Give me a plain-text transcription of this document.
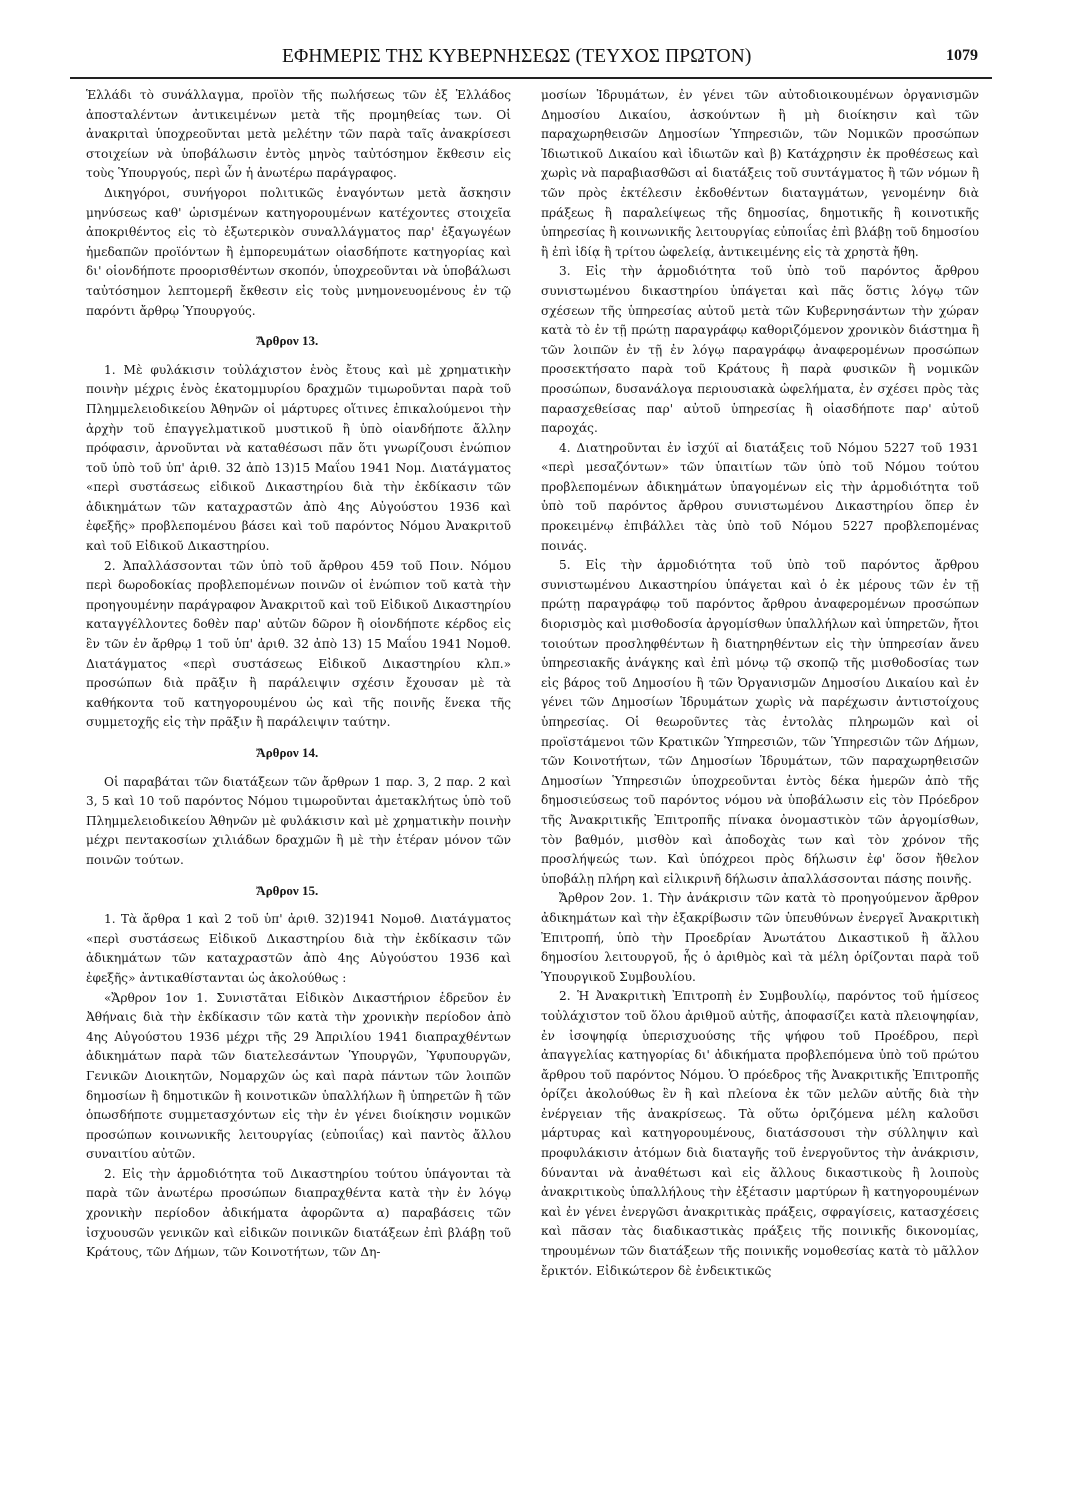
ΕΦΗΜΕΡΙΣ ΤΗΣ ΚΥΒΕΡΝΗΣΕΩΣ (ΤΕΥΧΟΣ ΠΡΩΤΟΝ)	1079

Ἑλλάδι τὸ συνάλλαγμα, προϊὸν τῆς πωλήσεως τῶν ἐξ Ἑλλάδος ἀποσταλέντων ἀντικειμένων μετὰ τῆς προμηθείας των. Οἱ ἀνακριταὶ ὑποχρεοῦνται μετὰ μελέτην τῶν παρὰ ταῖς ἀνακρίσεσι στοιχείων νὰ ὑποβάλωσιν ἐντὸς μηνὸς ταὐτόσημον ἔκθεσιν εἰς τοὺς Ὑπουργούς, περὶ ὧν ἡ ἀνωτέρω παράγραφος.

Δικηγόροι, συνήγοροι πολιτικῶς ἐναγόντων μετὰ ἄσκησιν μηνύσεως καθ' ὡρισμένων κατηγορουμένων κατέχοντες στοιχεῖα ἀποκριθέντος εἰς τὸ ἐξωτερικὸν συναλλάγματος παρ' ἐξαγωγέων ἡμεδαπῶν προϊόντων ἢ ἐμπορευμάτων οἱασδήποτε κατηγορίας καὶ δι' οἱονδήποτε προορισθέντων σκοπόν, ὑποχρεοῦνται νὰ ὑποβάλωσι ταὐτόσημον λεπτομερῆ ἔκθεσιν εἰς τοὺς μνημονευομένους ἐν τῷ παρόντι ἄρθρῳ Ὑπουργούς.

Ἄρθρον 13.

1. Μὲ φυλάκισιν τοὐλάχιστον ἑνὸς ἔτους καὶ μὲ χρηματικὴν ποινὴν μέχρις ἑνὸς ἑκατομμυρίου δραχμῶν τιμωροῦνται παρὰ τοῦ Πλημμελειοδικείου Ἀθηνῶν οἱ μάρτυρες οἵτινες ἐπικαλούμενοι τὴν ἀρχὴν τοῦ ἐπαγγελματικοῦ μυστικοῦ ἢ ὑπὸ οἱανδήποτε ἄλλην πρόφασιν, ἀρνοῦνται νὰ καταθέσωσι πᾶν ὅτι γνωρίζουσι ἐνώπιον τοῦ ὑπὸ τοῦ ὑπ' ἀριθ. 32 ἀπὸ 13)15 Μαΐου 1941 Νομ. Διατάγματος «περὶ συστάσεως εἰδικοῦ Δικαστηρίου διὰ τὴν ἐκδίκασιν τῶν ἀδικημάτων τῶν καταχραστῶν ἀπὸ 4ης Αὐγούστου 1936 καὶ ἐφεξῆς» προβλεπομένου βάσει καὶ τοῦ παρόντος Νόμου Ἀνακριτοῦ καὶ τοῦ Εἰδικοῦ Δικαστηρίου.

2. Ἀπαλλάσσονται τῶν ὑπὸ τοῦ ἄρθρου 459 τοῦ Ποιν. Νόμου περὶ δωροδοκίας προβλεπομένων ποινῶν οἱ ἐνώπιον τοῦ κατὰ τὴν προηγουμένην παράγραφον Ἀνακριτοῦ καὶ τοῦ Εἰδικοῦ Δικαστηρίου καταγγέλλοντες δοθὲν παρ' αὐτῶν δῶρον ἢ οἱονδήποτε κέρδος εἰς ἓν τῶν ἐν ἄρθρῳ 1 τοῦ ὑπ' ἀριθ. 32 ἀπὸ 13) 15 Μαΐου 1941 Νομοθ. Διατάγματος «περὶ συστάσεως Εἰδικοῦ Δικαστηρίου κλπ.» προσώπων διὰ πρᾶξιν ἢ παράλειψιν σχέσιν ἔχουσαν μὲ τὰ καθήκοντα τοῦ κατηγορουμένου ὡς καὶ τῆς ποινῆς ἕνεκα τῆς συμμετοχῆς εἰς τὴν πρᾶξιν ἢ παράλειψιν ταύτην.

Ἄρθρον 14.

Οἱ παραβάται τῶν διατάξεων τῶν ἄρθρων 1 παρ. 3, 2 παρ. 2 καὶ 3, 5 καὶ 10 τοῦ παρόντος Νόμου τιμωροῦνται ἀμετακλήτως ὑπὸ τοῦ Πλημμελειοδικείου Ἀθηνῶν μὲ φυλάκισιν καὶ μὲ χρηματικὴν ποινὴν μέχρι πεντακοσίων χιλιάδων δραχμῶν ἢ μὲ τὴν ἑτέραν μόνον τῶν ποινῶν τούτων.

Ἄρθρον 15.

1. Τὰ ἄρθρα 1 καὶ 2 τοῦ ὑπ' ἀριθ. 32)1941 Νομοθ. Διατάγματος «περὶ συστάσεως Εἰδικοῦ Δικαστηρίου διὰ τὴν ἐκδίκασιν τῶν ἀδικημάτων τῶν καταχραστῶν ἀπὸ 4ης Αὐγούστου 1936 καὶ ἐφεξῆς» ἀντικαθίστανται ὡς ἀκολούθως :

«Ἄρθρον 1ον 1. Συνιστᾶται Εἰδικὸν Δικαστήριον ἑδρεῦον ἐν Ἀθήναις διὰ τὴν ἐκδίκασιν τῶν κατὰ τὴν χρονικὴν περίοδον ἀπὸ 4ης Αὐγούστου 1936 μέχρι τῆς 29 Ἀπριλίου 1941 διαπραχθέντων ἀδικημάτων παρὰ τῶν διατελεσάντων Ὑπουργῶν, Ὑφυπουργῶν, Γενικῶν Διοικητῶν, Νομαρχῶν ὡς καὶ παρὰ πάντων τῶν λοιπῶν δημοσίων ἢ δημοτικῶν ἢ κοινοτικῶν ὑπαλλήλων ἢ ὑπηρετῶν ἢ τῶν ὁπωσδήποτε συμμετασχόντων εἰς τὴν ἐν γένει διοίκησιν νομικῶν προσώπων κοινωνικῆς λειτουργίας (εὐποιΐας) καὶ παντὸς ἄλλου συναιτίου αὐτῶν.

2. Εἰς τὴν ἁρμοδιότητα τοῦ Δικαστηρίου τούτου ὑπάγονται τὰ παρὰ τῶν ἀνωτέρω προσώπων διαπραχθέντα κατὰ τὴν ἐν λόγῳ χρονικὴν περίοδον ἀδικήματα ἀφορῶντα α) παραβάσεις τῶν ἰσχυουσῶν γενικῶν καὶ εἰδικῶν ποινικῶν διατάξεων ἐπὶ βλάβῃ τοῦ Κράτους, τῶν Δήμων, τῶν Κοινοτήτων, τῶν Δη-

μοσίων Ἱδρυμάτων, ἐν γένει τῶν αὐτοδιοικουμένων ὀργανισμῶν Δημοσίου Δικαίου, ἀσκούντων ἢ μὴ διοίκησιν καὶ τῶν παραχωρηθεισῶν Δημοσίων Ὑπηρεσιῶν, τῶν Νομικῶν προσώπων Ἰδιωτικοῦ Δικαίου καὶ ἰδιωτῶν καὶ β) Κατάχρησιν ἐκ προθέσεως καὶ χωρὶς νὰ παραβιασθῶσι αἱ διατάξεις τοῦ συντάγματος ἢ τῶν νόμων ἢ τῶν πρὸς ἐκτέλεσιν ἐκδοθέντων διαταγμάτων, γενομένην διὰ πράξεως ἢ παραλείψεως τῆς δημοσίας, δημοτικῆς ἢ κοινοτικῆς ὑπηρεσίας ἢ κοινωνικῆς λειτουργίας εὐποιΐας ἐπὶ βλάβῃ τοῦ δημοσίου ἢ ἐπὶ ἰδίᾳ ἢ τρίτου ὠφελείᾳ, ἀντικειμένης εἰς τὰ χρηστὰ ἤθη.

3. Εἰς τὴν ἁρμοδιότητα τοῦ ὑπὸ τοῦ παρόντος ἄρθρου συνιστωμένου δικαστηρίου ὑπάγεται καὶ πᾶς ὅστις λόγῳ τῶν σχέσεων τῆς ὑπηρεσίας αὐτοῦ μετὰ τῶν Κυβερνησάντων τὴν χώραν κατὰ τὸ ἐν τῇ πρώτῃ παραγράφῳ καθοριζόμενον χρονικὸν διάστημα ἢ τῶν λοιπῶν ἐν τῇ ἐν λόγῳ παραγράφῳ ἀναφερομένων προσώπων προσεκτήσατο παρὰ τοῦ Κράτους ἢ παρὰ φυσικῶν ἢ νομικῶν προσώπων, δυσανάλογα περιουσιακὰ ὠφελήματα, ἐν σχέσει πρὸς τὰς παρασχεθείσας παρ' αὐτοῦ ὑπηρεσίας ἢ οἱασδήποτε παρ' αὐτοῦ παροχάς.

4. Διατηροῦνται ἐν ἰσχύϊ αἱ διατάξεις τοῦ Νόμου 5227 τοῦ 1931 «περὶ μεσαζόντων» τῶν ὑπαιτίων τῶν ὑπὸ τοῦ Νόμου τούτου προβλεπομένων ἀδικημάτων ὑπαγομένων εἰς τὴν ἁρμοδιότητα τοῦ ὑπὸ τοῦ παρόντος ἄρθρου συνιστωμένου Δικαστηρίου ὅπερ ἐν προκειμένῳ ἐπιβάλλει τὰς ὑπὸ τοῦ Νόμου 5227 προβλεπομένας ποινάς.

5. Εἰς τὴν ἁρμοδιότητα τοῦ ὑπὸ τοῦ παρόντος ἄρθρου συνιστωμένου Δικαστηρίου ὑπάγεται καὶ ὁ ἐκ μέρους τῶν ἐν τῇ πρώτῃ παραγράφῳ τοῦ παρόντος ἄρθρου ἀναφερομένων προσώπων διορισμὸς καὶ μισθοδοσία ἀργομίσθων ὑπαλλήλων καὶ ὑπηρετῶν, ἤτοι τοιούτων προσληφθέντων ἢ διατηρηθέντων εἰς τὴν ὑπηρεσίαν ἄνευ ὑπηρεσιακῆς ἀνάγκης καὶ ἐπὶ μόνῳ τῷ σκοπῷ τῆς μισθοδοσίας των εἰς βάρος τοῦ Δημοσίου ἢ τῶν Ὀργανισμῶν Δημοσίου Δικαίου καὶ ἐν γένει τῶν Δημοσίων Ἱδρυμάτων χωρὶς νὰ παρέχωσιν ἀντιστοίχους ὑπηρεσίας. Οἱ θεωροῦντες τὰς ἐντολὰς πληρωμῶν καὶ οἱ προϊστάμενοι τῶν Κρατικῶν Ὑπηρεσιῶν, τῶν Ὑπηρεσιῶν τῶν Δήμων, τῶν Κοινοτήτων, τῶν Δημοσίων Ἱδρυμάτων, τῶν παραχωρηθεισῶν Δημοσίων Ὑπηρεσιῶν ὑποχρεοῦνται ἐντὸς δέκα ἡμερῶν ἀπὸ τῆς δημοσιεύσεως τοῦ παρόντος νόμου νὰ ὑποβάλωσιν εἰς τὸν Πρόεδρον τῆς Ἀνακριτικῆς Ἐπιτροπῆς πίνακα ὀνομαστικὸν τῶν ἀργομίσθων, τὸν βαθμόν, μισθὸν καὶ ἀποδοχὰς των καὶ τὸν χρόνον τῆς προσλήψεώς των. Καὶ ὑπόχρεοι πρὸς δήλωσιν ἐφ' ὅσον ἤθελον ὑποβάλῃ πλήρη καὶ εἰλικρινῆ δήλωσιν ἀπαλλάσσονται πάσης ποινῆς.

Ἄρθρον 2ον. 1. Τὴν ἀνάκρισιν τῶν κατὰ τὸ προηγούμενον ἄρθρον ἀδικημάτων καὶ τὴν ἐξακρίβωσιν τῶν ὑπευθύνων ἐνεργεῖ Ἀνακριτικὴ Ἐπιτροπή, ὑπὸ τὴν Προεδρίαν Ἀνωτάτου Δικαστικοῦ ἢ ἄλλου δημοσίου λειτουργοῦ, ἧς ὁ ἀριθμὸς καὶ τὰ μέλη ὁρίζονται παρὰ τοῦ Ὑπουργικοῦ Συμβουλίου.

2. Ἡ Ἀνακριτικὴ Ἐπιτροπὴ ἐν Συμβουλίῳ, παρόντος τοῦ ἡμίσεος τοὐλάχιστον τοῦ ὅλου ἀριθμοῦ αὐτῆς, ἀποφασίζει κατὰ πλειοψηφίαν, ἐν ἰσοψηφίᾳ ὑπερισχυούσης τῆς ψήφου τοῦ Προέδρου, περὶ ἀπαγγελίας κατηγορίας δι' ἀδικήματα προβλεπόμενα ὑπὸ τοῦ πρώτου ἄρθρου τοῦ παρόντος Νόμου. Ὁ πρόεδρος τῆς Ἀνακριτικῆς Ἐπιτροπῆς ὁρίζει ἀκολούθως ἓν ἢ καὶ πλείονα ἐκ τῶν μελῶν αὐτῆς διὰ τὴν ἐνέργειαν τῆς ἀνακρίσεως. Τὰ οὕτω ὁριζόμενα μέλη καλοῦσι μάρτυρας καὶ κατηγορουμένους, διατάσσουσι τὴν σύλληψιν καὶ προφυλάκισιν ἀτόμων διὰ διαταγῆς τοῦ ἐνεργοῦντος τὴν ἀνάκρισιν, δύνανται νὰ ἀναθέτωσι καὶ εἰς ἄλλους δικαστικοὺς ἢ λοιποὺς ἀνακριτικοὺς ὑπαλλήλους τὴν ἐξέτασιν μαρτύρων ἢ κατηγορουμένων καὶ ἐν γένει ἐνεργῶσι ἀνακριτικὰς πράξεις, σφραγίσεις, κατασχέσεις καὶ πᾶσαν τὰς διαδικαστικὰς πράξεις τῆς ποινικῆς δικονομίας, τηρουμένων τῶν διατάξεων τῆς ποινικῆς νομοθεσίας κατὰ τὸ μᾶλλον ἔρικτόν. Εἰδικώτερον δὲ ἐνδεικτικῶς
